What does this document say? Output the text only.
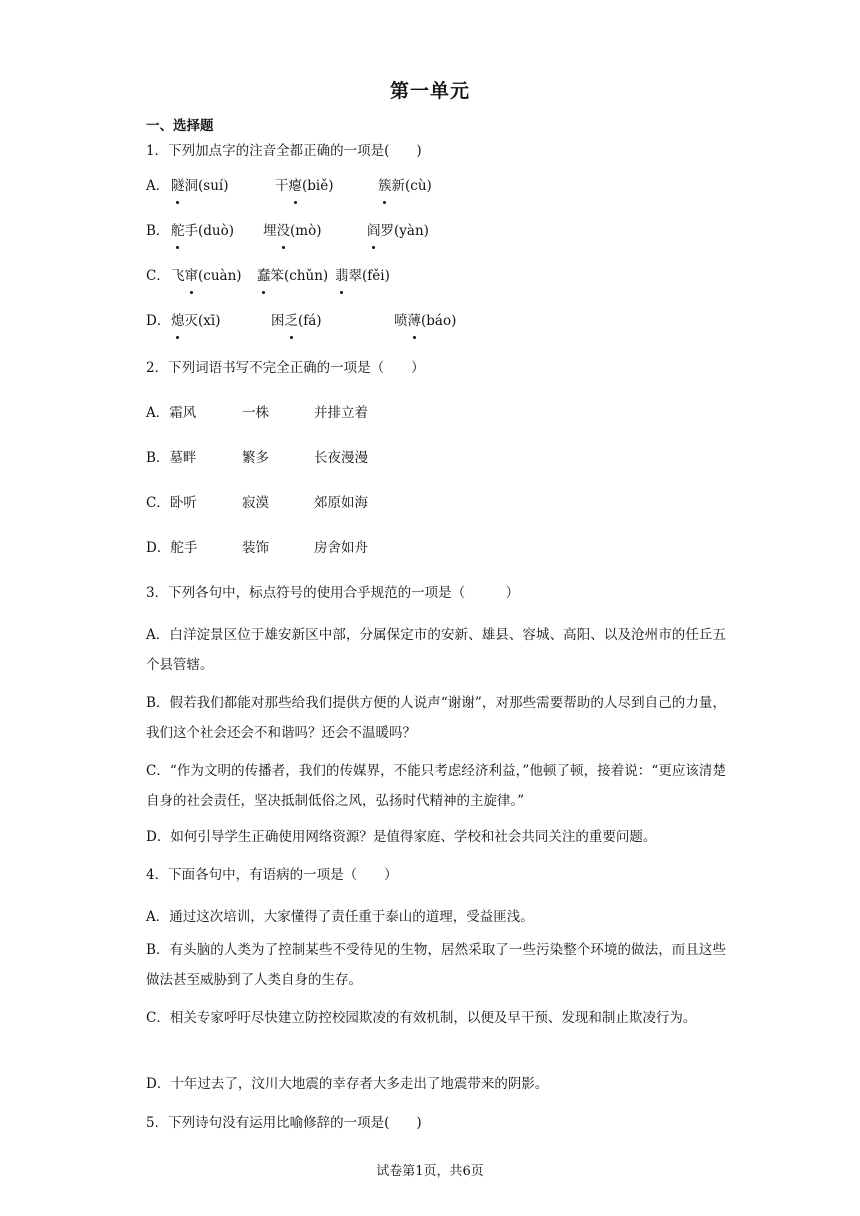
第一单元
一、选择题
1．下列加点字的注音全都正确的一项是(　　)
A． 隧洞(suí)	干瘪(biě)	簇新(cù)
B． 舵手(duò) 埋没(mò)	阎罗(yàn)
C． 飞窜(cuàn) 蠢笨(chǔn) 翡翠(fěi)
D． 熄灭(xī)	困乏(fá)	喷薄(báo)
2．下列词语书写不完全正确的一项是（　　）
A．霜风	一株	并排立着
B．墓畔	繁多	长夜漫漫
C．卧听	寂漠	郊原如海
D．舵手	装饰	房舍如舟
3．下列各句中，标点符号的使用合乎规范的一项是（　　　）
A．白洋淀景区位于雄安新区中部，分属保定市的安新、雄县、容城、高阳、以及沧州市的任丘五个县管辖。
B．假若我们都能对那些给我们提供方便的人说声“谢谢”，对那些需要帮助的人尽到自己的力量，我们这个社会还会不和谐吗？还会不温暖吗？
C．“作为文明的传播者，我们的传媒界，不能只考虑经济利益，”他顿了顿，接着说：“更应该清楚自身的社会责任，坚决抵制低俗之风，弘扬时代精神的主旋律。”
D．如何引导学生正确使用网络资源？是值得家庭、学校和社会共同关注的重要问题。
4．下面各句中，有语病的一项是（　　）
A．通过这次培训，大家懂得了责任重于泰山的道理，受益匪浅。
B．有头脑的人类为了控制某些不受待见的生物，居然采取了一些污染整个环境的做法，而且这些做法甚至威胁到了人类自身的生存。
C．相关专家呼吁尽快建立防控校园欺凌的有效机制，以便及早干预、发现和制止欺凌行为。
D．十年过去了，汶川大地震的幸存者大多走出了地震带来的阴影。
5．下列诗句没有运用比喻修辞的一项是(　　)
试卷第1页，共6页
